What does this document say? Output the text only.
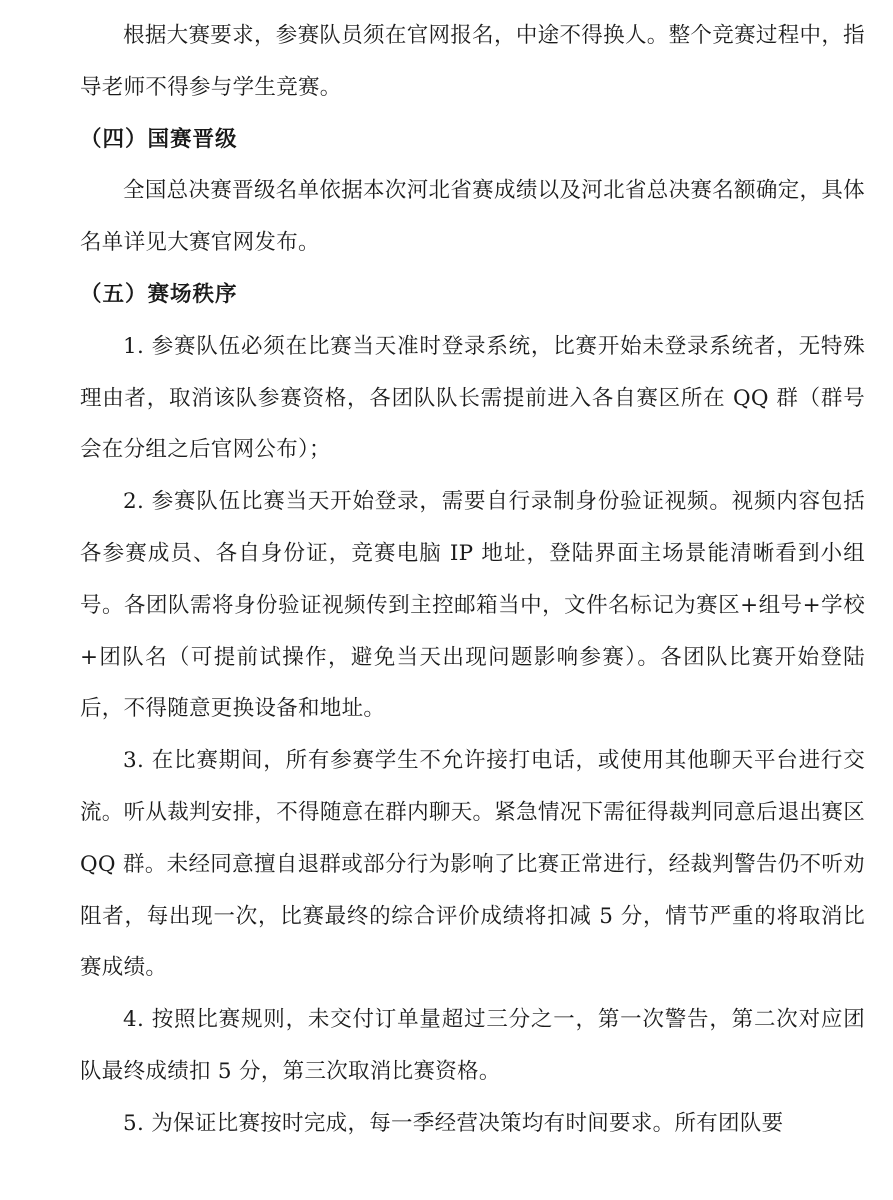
根据大赛要求，参赛队员须在官网报名，中途不得换人。整个竞赛过程中，指导老师不得参与学生竞赛。

（四）国赛晋级

全国总决赛晋级名单依据本次河北省赛成绩以及河北省总决赛名额确定，具体名单详见大赛官网发布。

（五）赛场秩序

1. 参赛队伍必须在比赛当天准时登录系统，比赛开始未登录系统者，无特殊理由者，取消该队参赛资格，各团队队长需提前进入各自赛区所在 QQ 群（群号会在分组之后官网公布）；

2. 参赛队伍比赛当天开始登录，需要自行录制身份验证视频。视频内容包括各参赛成员、各自身份证，竞赛电脑 IP 地址，登陆界面主场景能清晰看到小组号。各团队需将身份验证视频传到主控邮箱当中，文件名标记为赛区+组号+学校+团队名（可提前试操作，避免当天出现问题影响参赛）。各团队比赛开始登陆后，不得随意更换设备和地址。

3. 在比赛期间，所有参赛学生不允许接打电话，或使用其他聊天平台进行交流。听从裁判安排，不得随意在群内聊天。紧急情况下需征得裁判同意后退出赛区 QQ 群。未经同意擅自退群或部分行为影响了比赛正常进行，经裁判警告仍不听劝阻者，每出现一次，比赛最终的综合评价成绩将扣减 5 分，情节严重的将取消比赛成绩。

4. 按照比赛规则，未交付订单量超过三分之一，第一次警告，第二次对应团队最终成绩扣 5 分，第三次取消比赛资格。

5. 为保证比赛按时完成，每一季经营决策均有时间要求。所有团队要
